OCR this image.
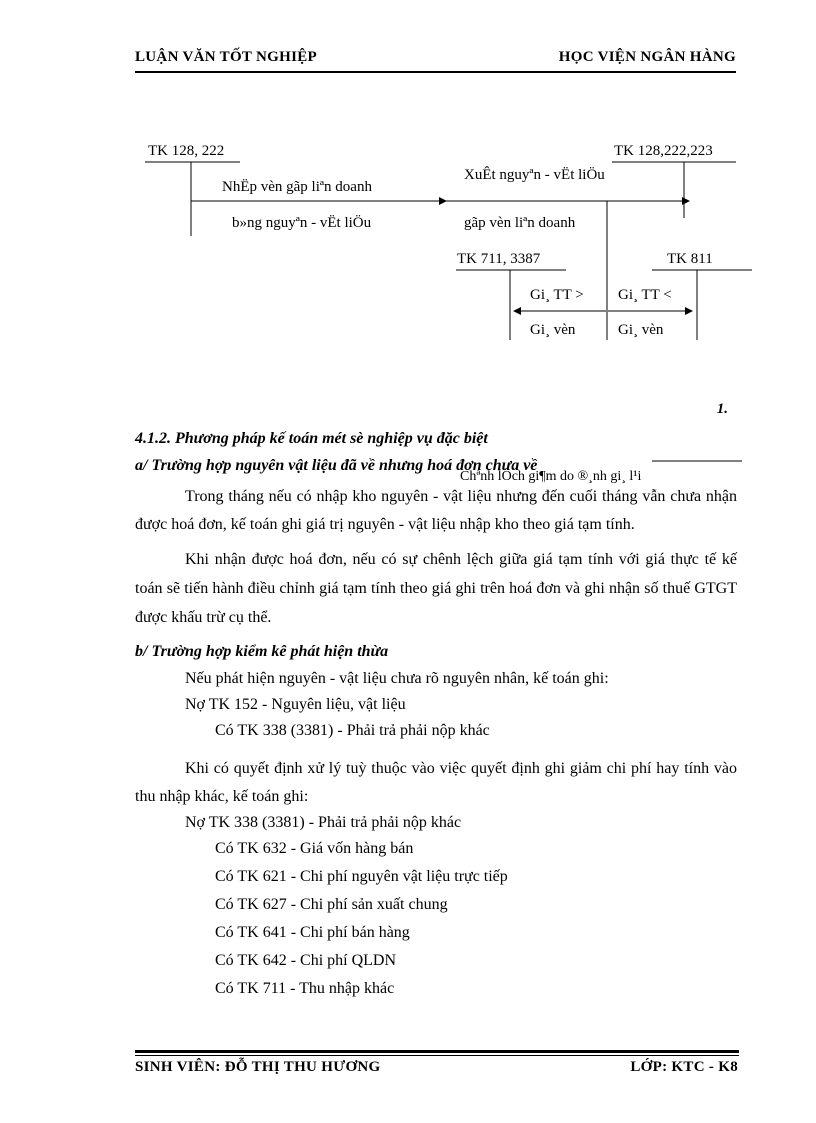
LUẬN VĂN TỐT NGHIỆP	HỌC VIỆN NGÂN HÀNG
TK 128, 222	TK 128,222,223
NhËp vèn gãp liªn doanh
b»ng nguyªn - vËt liÖu
XuÊt nguyªn - vËt liÖu
gãp vèn liªn doanh
TK 711, 3387	TK 811
Gi¸ TT > Gi¸ TT <
Gi¸ vèn	Gi¸ vèn
1.
Chªnh lÖch gi¶m do ®¸nh gi¸ l¹i
4.1.2. Phương pháp kế toán mét sè nghiệp vụ đặc biệt
a/ Trường hợp nguyên vật liệu đã về nhưng hoá đơn chưa về
Trong tháng nếu có nhập kho nguyên - vật liệu nhưng đến cuối tháng vẫn chưa nhận được hoá đơn, kế toán ghi giá trị nguyên - vật liệu nhập kho theo giá tạm tính.
Khi nhận được hoá đơn, nếu có sự chênh lệch giữa giá tạm tính với giá thực tế kế toán sẽ tiến hành điều chỉnh giá tạm tính theo giá ghi trên hoá đơn và ghi nhận số thuế GTGT được khấu trừ cụ thể.
b/ Trường hợp kiểm kê phát hiện thừa
Nếu phát hiện nguyên - vật liệu chưa rõ nguyên nhân, kế toán ghi:
Nợ TK 152 - Nguyên liệu, vật liệu
Có TK 338 (3381) - Phải trả phải nộp khác
Khi có quyết định xử lý tuỳ thuộc vào việc quyết định ghi giảm chi phí hay tính vào thu nhập khác, kế toán ghi:
Nợ TK 338 (3381) - Phải trả phải nộp khác
Có TK 632 - Giá vốn hàng bán
Có TK 621 - Chi phí nguyên vật liệu trực tiếp
Có TK 627 - Chi phí sản xuất chung
Có TK 641 - Chi phí bán hàng
Có TK 642 - Chi phí QLDN
Có TK 711 - Thu nhập khác
SINH VIÊN: ĐỖ THỊ THU HƯƠNG	LỚP: KTC - K8
